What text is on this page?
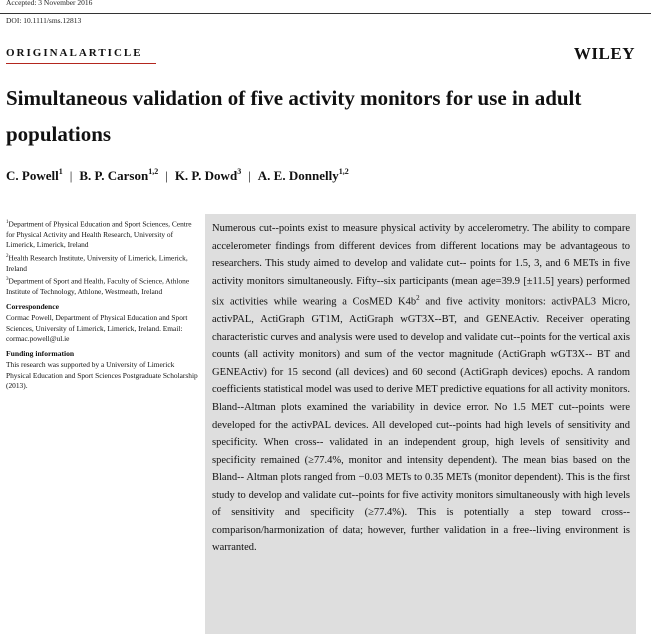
Accepted: 3 November 2016
DOI: 10.1111/sms.12813
ORIGINALARTICLE	WILEY
Simultaneous validation of five activity monitors for use in adult populations
C. Powell$^1$ | B. P. Carson$^{1,2}$ | K. P. Dowd$^3$ | A. E. Donnelly$^{1,2}$

$^1$Department of Physical Education and Sport Sciences, Centre for Physical Activity and Health Research, University of Limerick, Limerick, Ireland

$^2$Health Research Institute, University of Limerick, Limerick, Ireland

$^3$Department of Sport and Health, Faculty of Science, Athlone Institute of Technology, Athlone, Westmeath, Ireland

Correspondence

Cormac Powell, Department of Physical Education and Sport Sciences, University of Limerick, Limerick, Ireland. Email: cormac.powell@ul.ie

Funding information

This research was supported by a University of Limerick Physical Education and Sport Sciences Postgraduate Scholarship (2013).

Numerous cut--points exist to measure physical activity by accelerometry. The ability to compare accelerometer findings from different devices from different locations may be advantageous to researchers. This study aimed to develop and validate cut-- points for 1.5, 3, and 6 METs in five activity monitors simultaneously. Fifty--six participants (mean age=39.9 [±11.5] years) performed six activities while wearing a CosMED $K4b^2$ and five activity monitors: activPAL3 Micro, activPAL, ActiGraph GT1M, ActiGraph wGT3X--BT, and GENEActiv. Receiver operating characteristic curves and analysis were used to develop and validate cut--points for the vertical axis counts (all activity monitors) and sum of the vector magnitude (ActiGraph wGT3X-- BT and GENEActiv) for 15 second (all devices) and 60 second (ActiGraph devices) epochs. A random coefficients statistical model was used to derive MET predictive equations for all activity monitors. Bland--Altman plots examined the variability in device error. No 1.5 MET cut--points were developed for the activPAL devices. All developed cut--points had high levels of sensitivity and specificity. When cross-- validated in an independent group, high levels of sensitivity and specificity remained (≥77.4%, monitor and intensity dependent). The mean bias based on the Bland-- Altman plots ranged from −0.03 METs to 0.35 METs (monitor dependent). This is the first study to develop and validate cut--points for five activity monitors simultaneously with high levels of sensitivity and specificity (≥77.4%). This is potentially a step toward cross--comparison/harmonization of data; however, further validation in a free--living environment is warranted.
